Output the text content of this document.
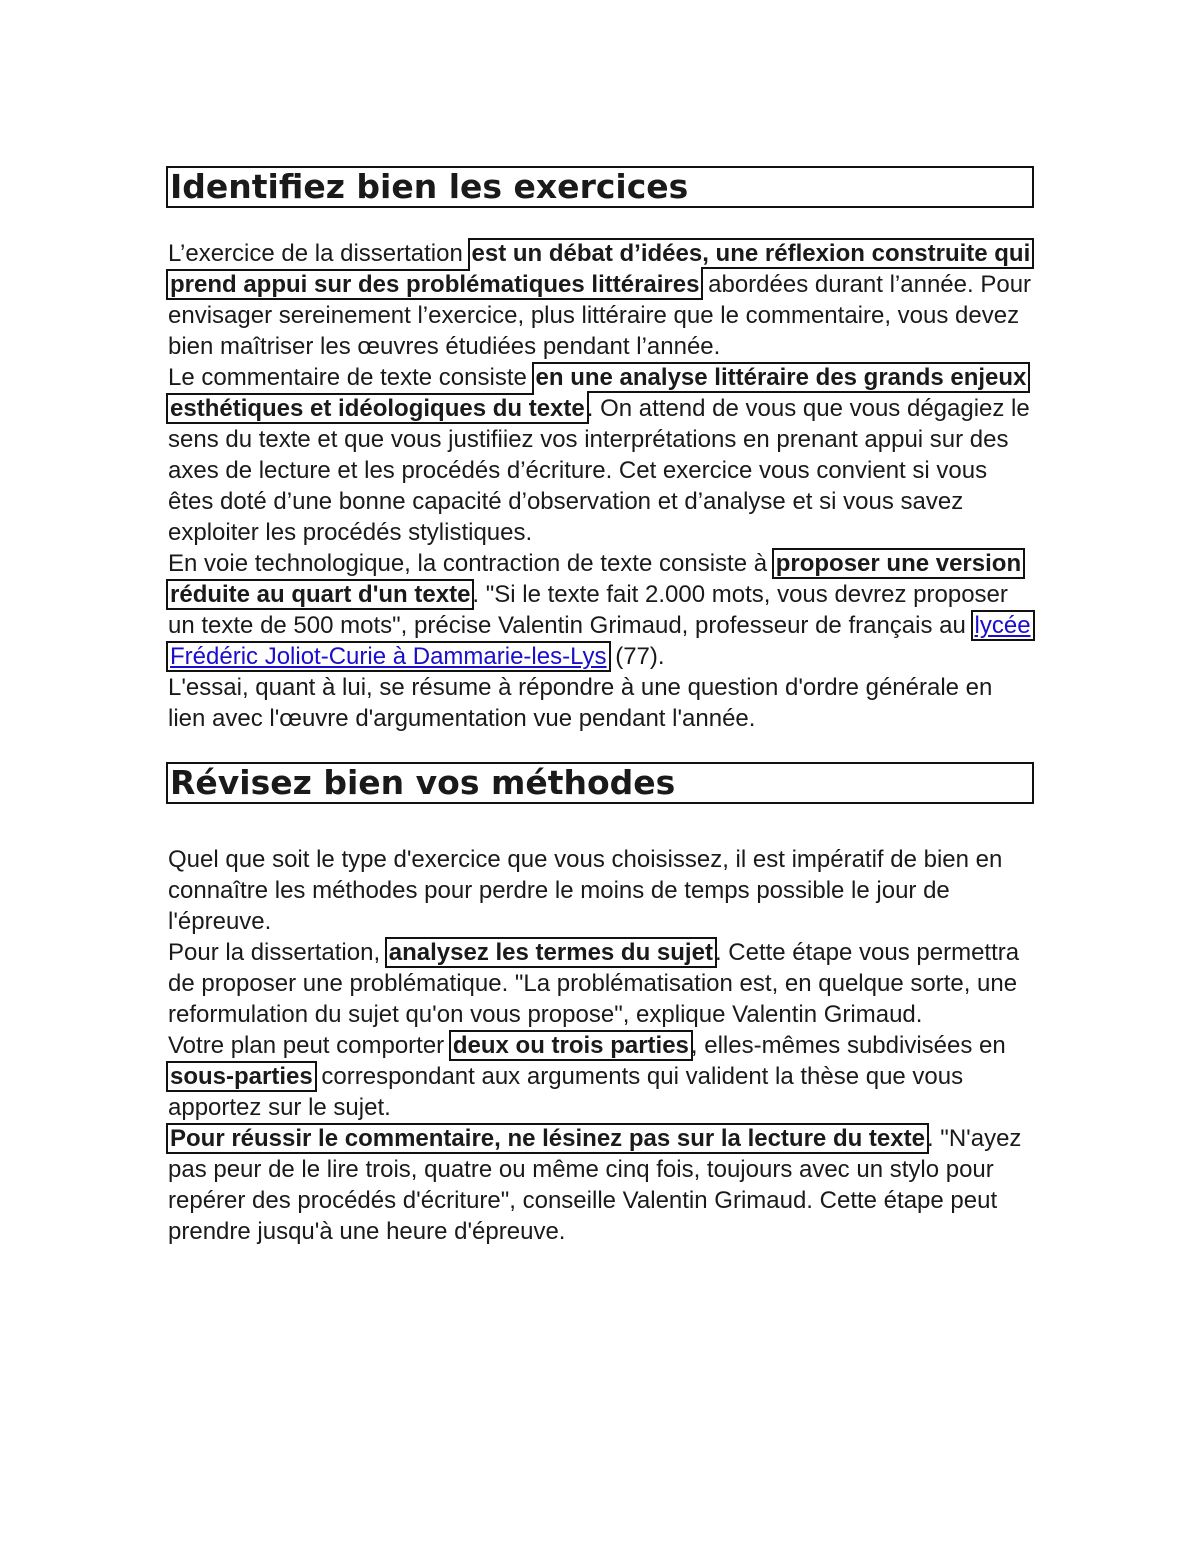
Identifiez bien les exercices

L’exercice de la dissertation est un débat d’idées, une réflexion construite qui prend appui sur des problématiques littéraires abordées durant l’année. Pour envisager sereinement l’exercice, plus littéraire que le commentaire, vous devez bien maîtriser les œuvres étudiées pendant l’année.

Le commentaire de texte consiste en une analyse littéraire des grands enjeux esthétiques et idéologiques du texte. On attend de vous que vous dégagiez le sens du texte et que vous justifiiez vos interprétations en prenant appui sur des axes de lecture et les procédés d’écriture. Cet exercice vous convient si vous êtes doté d’une bonne capacité d’observation et d’analyse et si vous savez exploiter les procédés stylistiques.

En voie technologique, la contraction de texte consiste à proposer une version réduite au quart d'un texte. "Si le texte fait 2.000 mots, vous devrez proposer un texte de 500 mots", précise Valentin Grimaud, professeur de français au lycée Frédéric Joliot-Curie à Dammarie-les-Lys (77).

L'essai, quant à lui, se résume à répondre à une question d'ordre générale en lien avec l'œuvre d'argumentation vue pendant l'année.

Révisez bien vos méthodes

Quel que soit le type d'exercice que vous choisissez, il est impératif de bien en connaître les méthodes pour perdre le moins de temps possible le jour de l'épreuve.

Pour la dissertation, analysez les termes du sujet. Cette étape vous permettra de proposer une problématique. "La problématisation est, en quelque sorte, une reformulation du sujet qu'on vous propose", explique Valentin Grimaud.

Votre plan peut comporter deux ou trois parties, elles-mêmes subdivisées en sous-parties correspondant aux arguments qui valident la thèse que vous apportez sur le sujet.

Pour réussir le commentaire, ne lésinez pas sur la lecture du texte. "N'ayez pas peur de le lire trois, quatre ou même cinq fois, toujours avec un stylo pour repérer des procédés d'écriture", conseille Valentin Grimaud. Cette étape peut prendre jusqu'à une heure d'épreuve.
